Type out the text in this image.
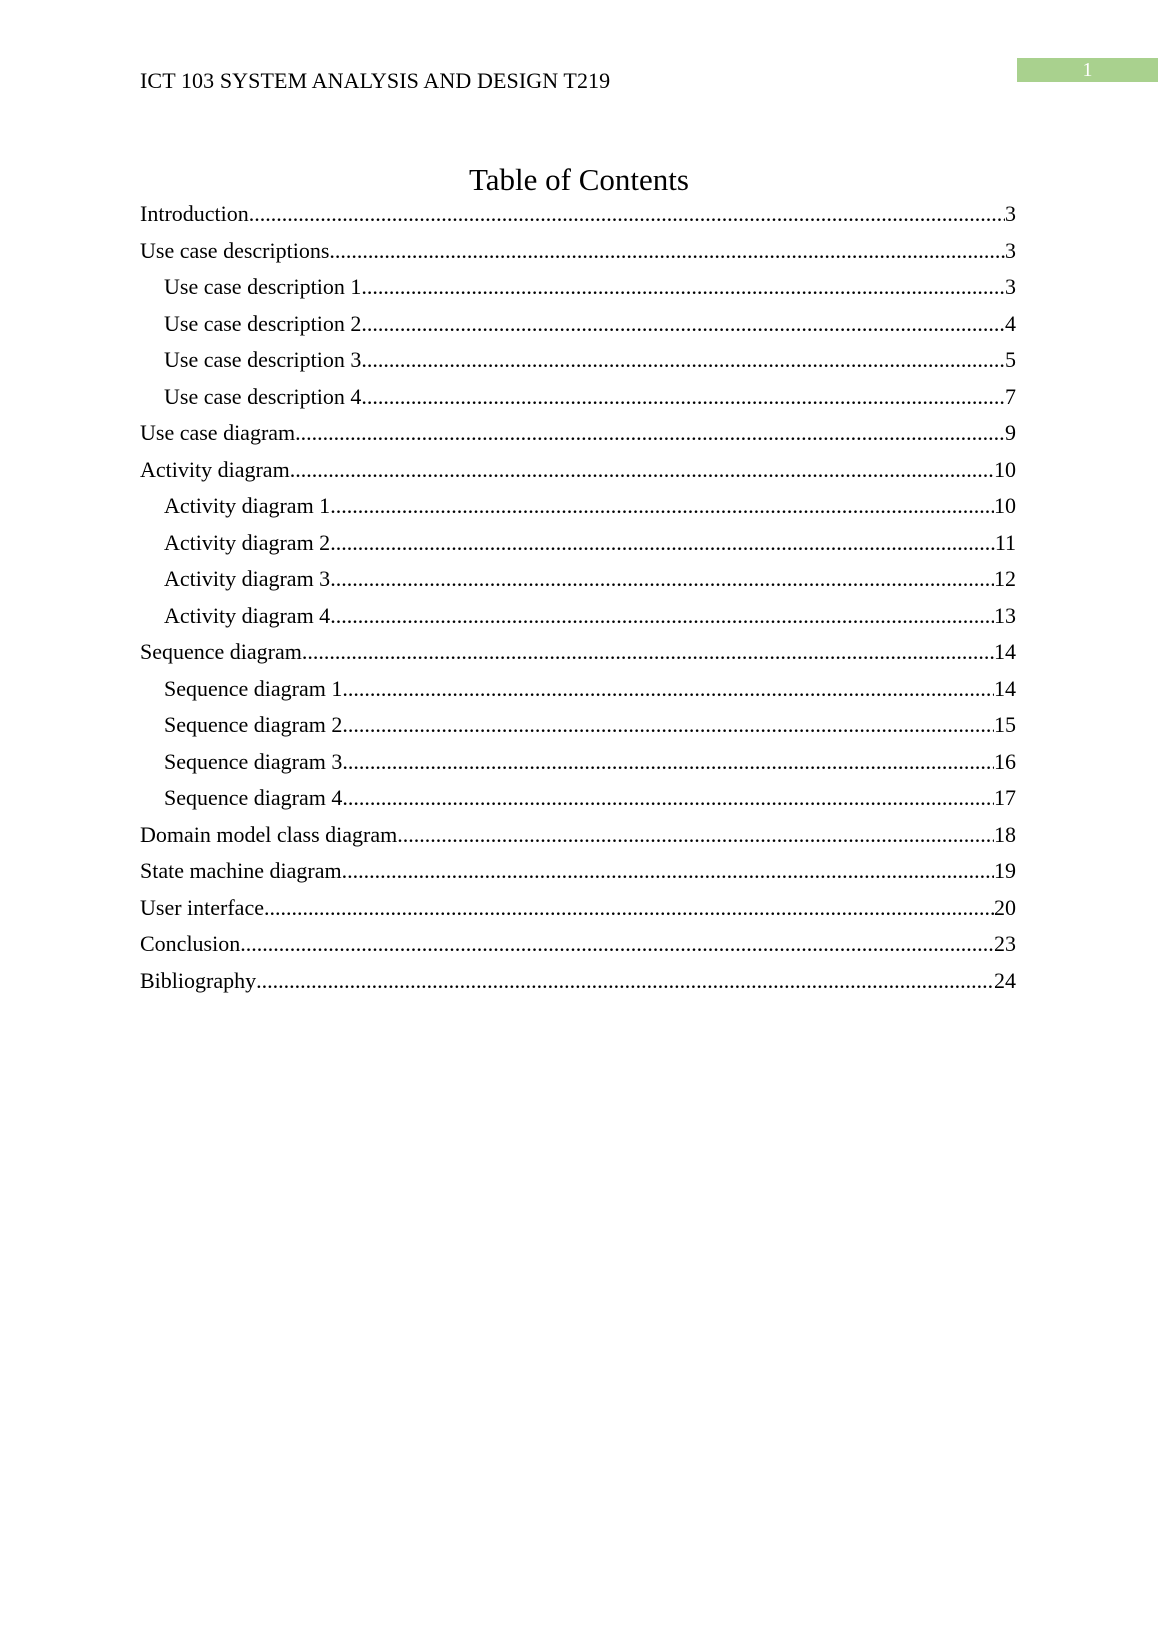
ICT 103 SYSTEM ANALYSIS AND DESIGN T219	1
Table of Contents
Introduction .....	3
Use case descriptions .....	3
Use case description 1 .....	3
Use case description 2 .....	4
Use case description 3 .....	5
Use case description 4 .....	7
Use case diagram .....	9
Activity diagram .....	10
Activity diagram 1 .....	10
Activity diagram 2 .....	11
Activity diagram 3 .....	12
Activity diagram 4 .....	13
Sequence diagram .....	14
Sequence diagram 1 .....	14
Sequence diagram 2 .....	15
Sequence diagram 3 .....	16
Sequence diagram 4 .....	17
Domain model class diagram .....	18
State machine diagram .....	19
User interface .....	20
Conclusion .....	23
Bibliography .....	24
